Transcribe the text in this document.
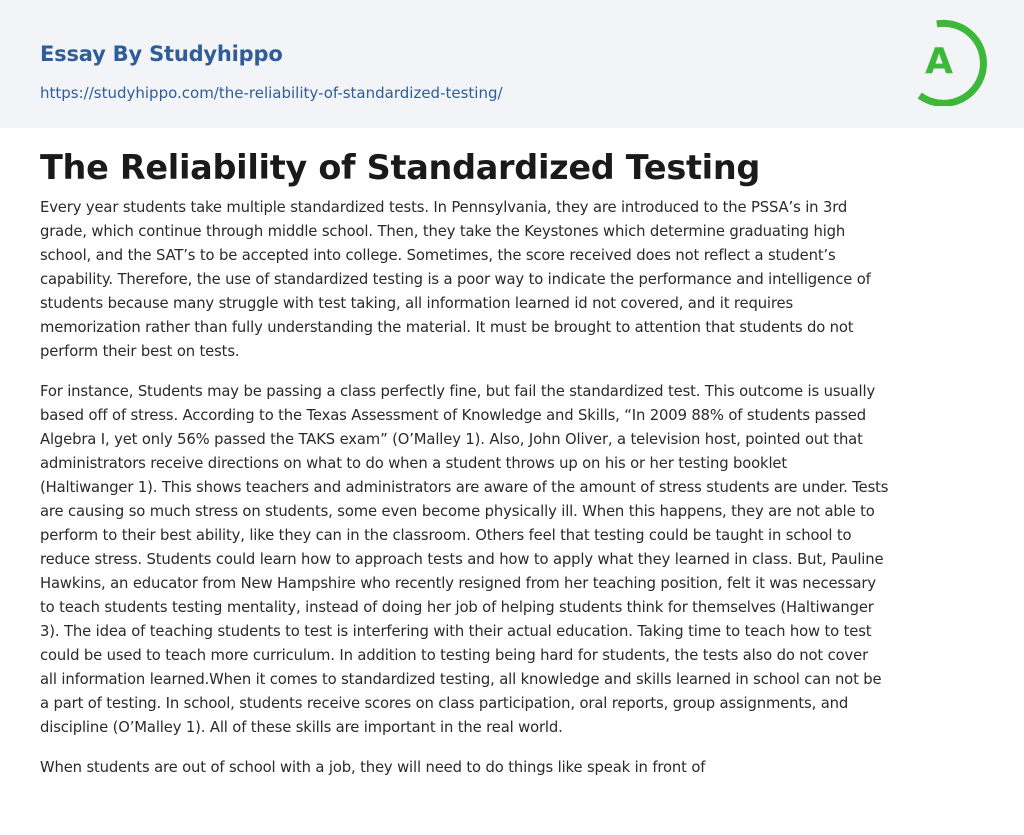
Essay By Studyhippo
https://studyhippo.com/the-reliability-of-standardized-testing/
A
The Reliability of Standardized Testing

Every year students take multiple standardized tests. In Pennsylvania, they are introduced to the PSSA’s in 3rd
grade, which continue through middle school. Then, they take the Keystones which determine graduating high
school, and the SAT’s to be accepted into college. Sometimes, the score received does not reflect a student’s
capability. Therefore, the use of standardized testing is a poor way to indicate the performance and intelligence of
students because many struggle with test taking, all information learned id not covered, and it requires
memorization rather than fully understanding the material. It must be brought to attention that students do not
perform their best on tests.

For instance, Students may be passing a class perfectly fine, but fail the standardized test. This outcome is usually
based off of stress. According to the Texas Assessment of Knowledge and Skills, “In 2009 88% of students passed
Algebra I, yet only 56% passed the TAKS exam” (O’Malley 1). Also, John Oliver, a television host, pointed out that
administrators receive directions on what to do when a student throws up on his or her testing booklet
(Haltiwanger 1). This shows teachers and administrators are aware of the amount of stress students are under. Tests
are causing so much stress on students, some even become physically ill. When this happens, they are not able to
perform to their best ability, like they can in the classroom. Others feel that testing could be taught in school to
reduce stress. Students could learn how to approach tests and how to apply what they learned in class. But, Pauline
Hawkins, an educator from New Hampshire who recently resigned from her teaching position, felt it was necessary
to teach students testing mentality, instead of doing her job of helping students think for themselves (Haltiwanger
3). The idea of teaching students to test is interfering with their actual education. Taking time to teach how to test
could be used to teach more curriculum. In addition to testing being hard for students, the tests also do not cover
all information learned.When it comes to standardized testing, all knowledge and skills learned in school can not be
a part of testing. In school, students receive scores on class participation, oral reports, group assignments, and
discipline (O’Malley 1). All of these skills are important in the real world.

When students are out of school with a job, they will need to do things like speak in front of
